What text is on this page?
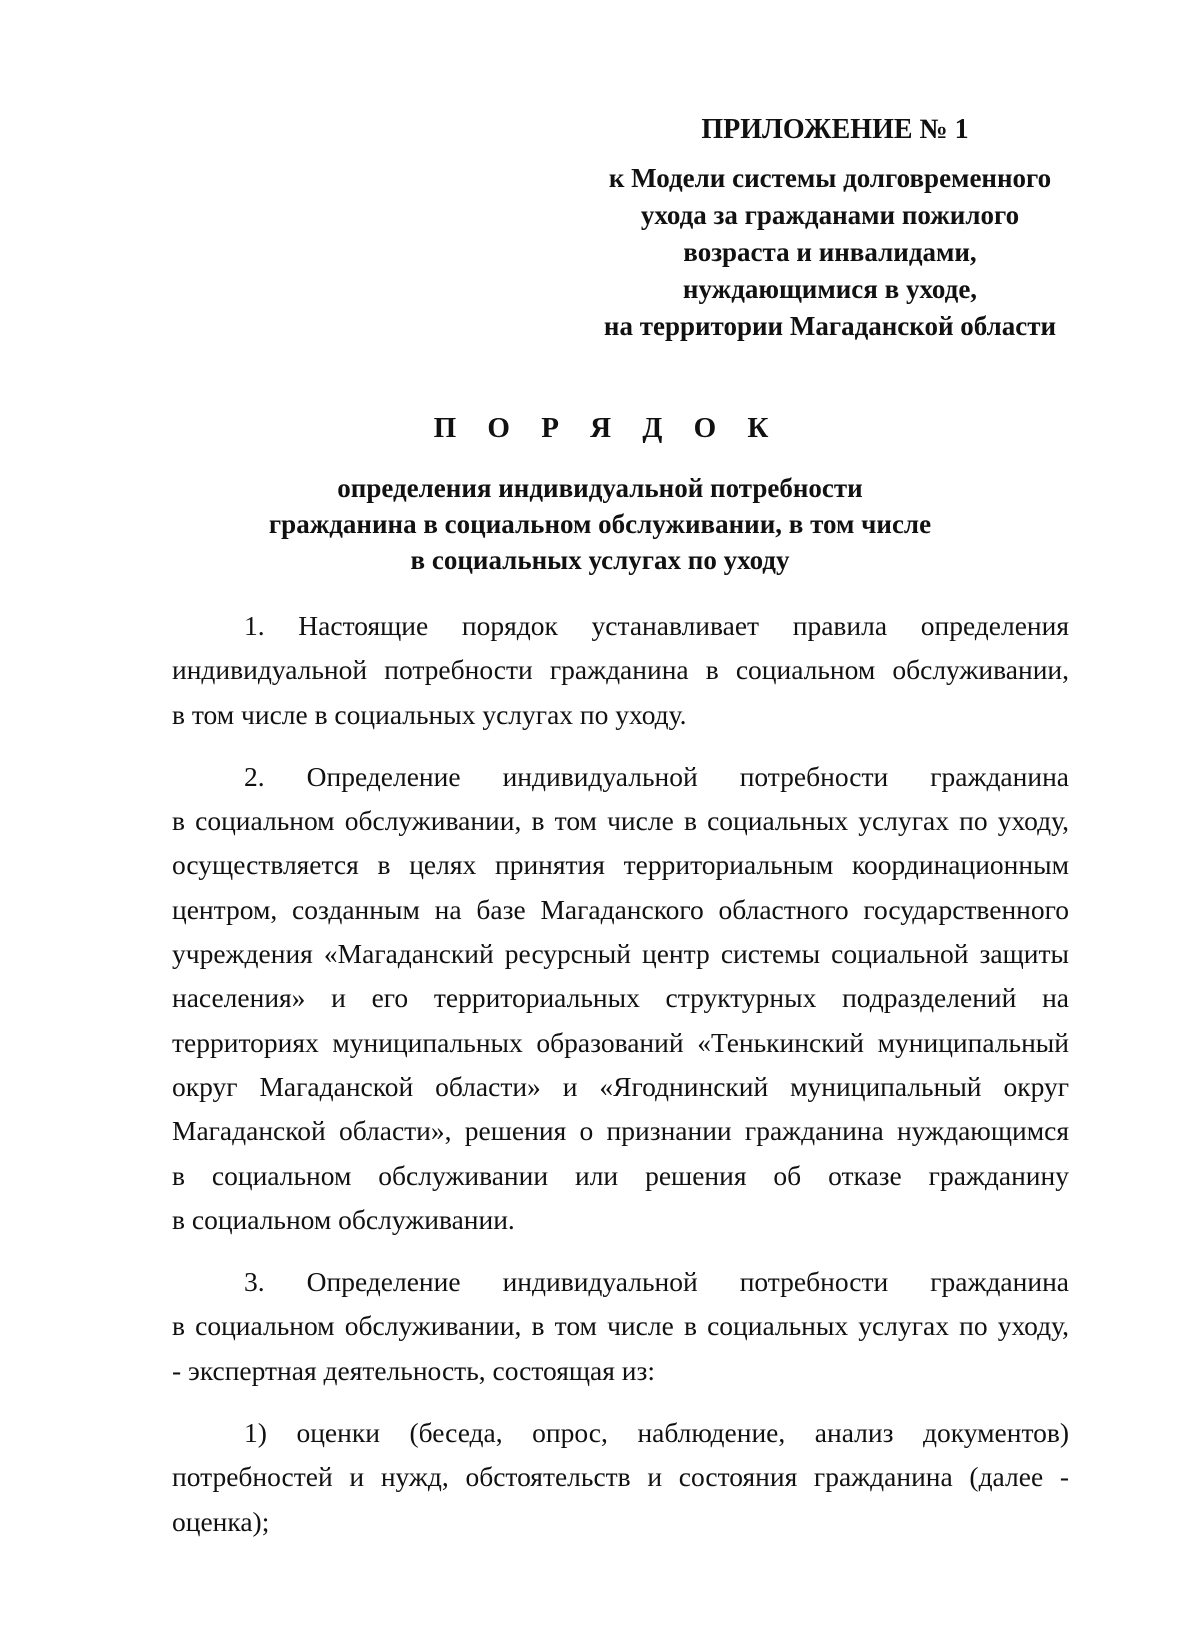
ПРИЛОЖЕНИЕ № 1
к Модели системы долговременного
ухода за гражданами пожилого
возраста и инвалидами,
нуждающимися в уходе,
на территории Магаданской области
П О Р Я Д О К
определения индивидуальной потребности
гражданина в социальном обслуживании, в том числе
в социальных услугах по уходу
1. Настоящие порядок устанавливает правила определения
индивидуальной потребности гражданина в социальном обслуживании,
в том числе в социальных услугах по уходу.
2. Определение индивидуальной потребности гражданина
в социальном обслуживании, в том числе в социальных услугах по уходу,
осуществляется в целях принятия территориальным координационным
центром, созданным на базе Магаданского областного государственного
учреждения «Магаданский ресурсный центр системы социальной защиты
населения» и его территориальных структурных подразделений на
территориях муниципальных образований «Тенькинский муниципальный
округ Магаданской области» и «Ягоднинский муниципальный округ
Магаданской области», решения о признании гражданина нуждающимся
в социальном обслуживании или решения об отказе гражданину
в социальном обслуживании.
3. Определение индивидуальной потребности гражданина
в социальном обслуживании, в том числе в социальных услугах по уходу,
- экспертная деятельность, состоящая из:
1) оценки (беседа, опрос, наблюдение, анализ документов)
потребностей и нужд, обстоятельств и состояния гражданина (далее -
оценка);
